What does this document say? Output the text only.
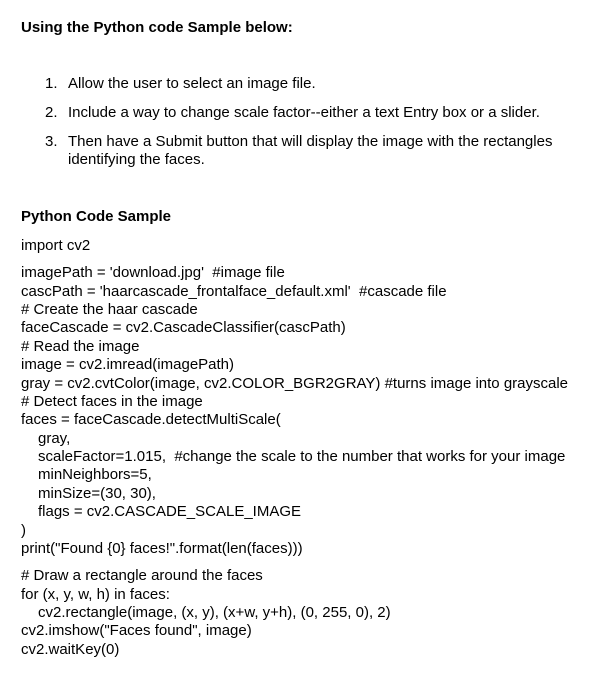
Using the Python code Sample below:
1. Allow the user to select an image file.
2. Include a way to change scale factor--either a text Entry box or a slider.
3. Then have a Submit button that will display the image with the rectangles identifying the faces.
Python Code Sample
import cv2
imagePath = 'download.jpg'  #image file
cascPath = 'haarcascade_frontalface_default.xml'  #cascade file
# Create the haar cascade
faceCascade = cv2.CascadeClassifier(cascPath)
# Read the image
image = cv2.imread(imagePath)
gray = cv2.cvtColor(image, cv2.COLOR_BGR2GRAY) #turns image into grayscale
# Detect faces in the image
faces = faceCascade.detectMultiScale(
gray,
scaleFactor=1.015,  #change the scale to the number that works for your image
minNeighbors=5,
minSize=(30, 30),
flags = cv2.CASCADE_SCALE_IMAGE
)
print("Found {0} faces!".format(len(faces)))
# Draw a rectangle around the faces
for (x, y, w, h) in faces:
cv2.rectangle(image, (x, y), (x+w, y+h), (0, 255, 0), 2)
cv2.imshow("Faces found", image)
cv2.waitKey(0)
